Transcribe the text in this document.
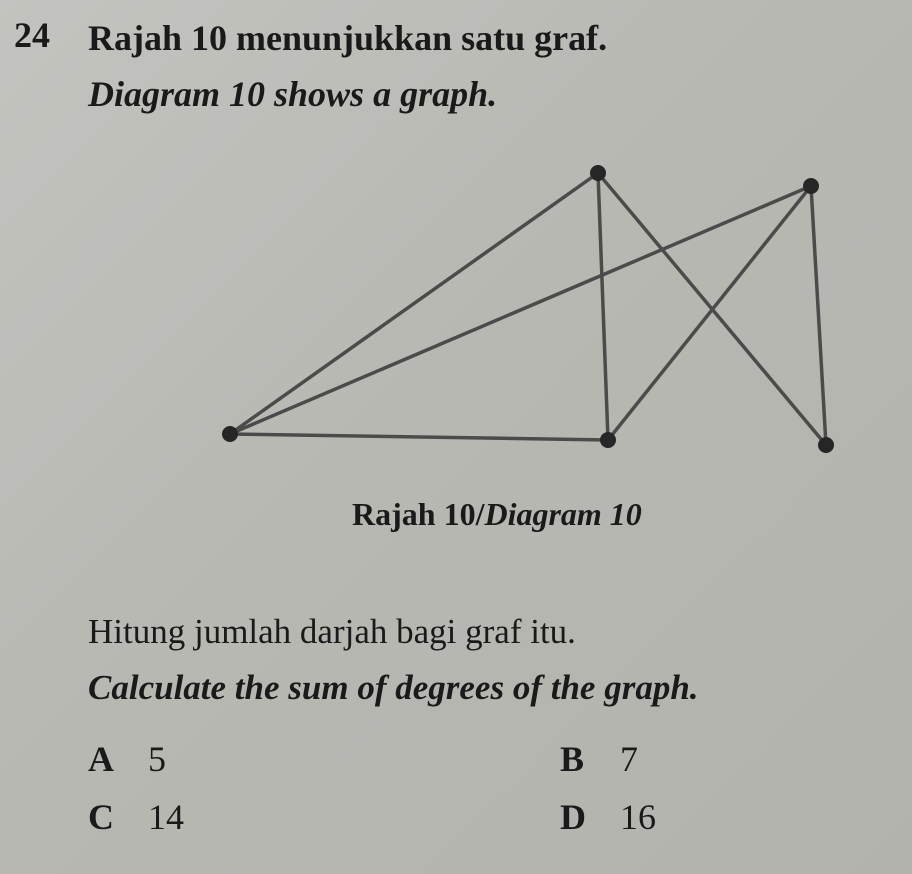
24 Rajah 10 menunjukkan satu graf.
Diagram 10 shows a graph.
Rajah 10/Diagram 10
Hitung jumlah darjah bagi graf itu.
Calculate the sum of degrees of the graph.
A 5	B 7
C 14	D 16
